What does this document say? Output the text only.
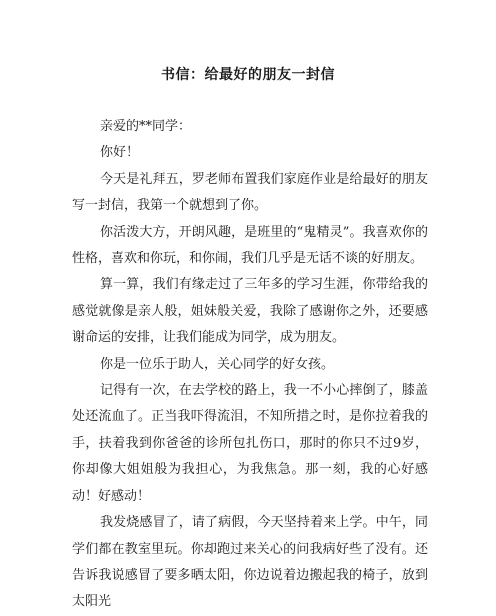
书信：给最好的朋友一封信

亲爱的**同学：

你好！

今天是礼拜五，罗老师布置我们家庭作业是给最好的朋友写一封信，我第一个就想到了你。

你活泼大方，开朗风趣，是班里的“鬼精灵”。我喜欢你的性格，喜欢和你玩，和你闹，我们几乎是无话不谈的好朋友。

算一算，我们有缘走过了三年多的学习生涯，你带给我的感觉就像是亲人般，姐妹般关爱，我除了感谢你之外，还要感谢命运的安排，让我们能成为同学，成为朋友。

你是一位乐于助人，关心同学的好女孩。

记得有一次，在去学校的路上，我一不小心摔倒了，膝盖处还流血了。正当我吓得流泪，不知所措之时，是你拉着我的手，扶着我到你爸爸的诊所包扎伤口，那时的你只不过9岁，你却像大姐姐般为我担心，为我焦急。那一刻，我的心好感动！好感动！

我发烧感冒了，请了病假，今天坚持着来上学。中午，同学们都在教室里玩。你却跑过来关心的问我病好些了没有。还告诉我说感冒了要多晒太阳，你边说着边搬起我的椅子，放到太阳光
